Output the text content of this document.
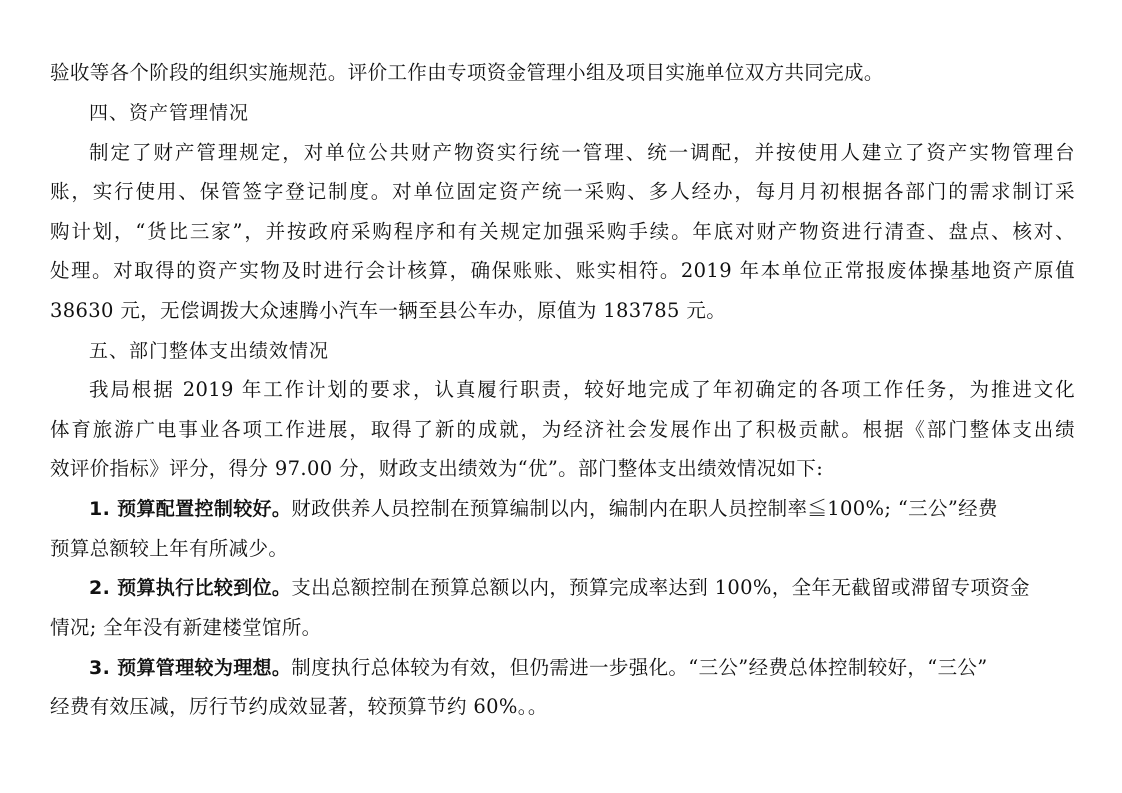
验收等各个阶段的组织实施规范。评价工作由专项资金管理小组及项目实施单位双方共同完成。
四、资产管理情况
制定了财产管理规定，对单位公共财产物资实行统一管理、统一调配，并按使用人建立了资产实物管理台
账，实行使用、保管签字登记制度。对单位固定资产统一采购、多人经办，每月月初根据各部门的需求制订采
购计划，“货比三家”，并按政府采购程序和有关规定加强采购手续。年底对财产物资进行清查、盘点、核对、
处理。对取得的资产实物及时进行会计核算，确保账账、账实相符。2019 年本单位正常报废体操基地资产原值
38630 元，无偿调拨大众速腾小汽车一辆至县公车办，原值为 183785 元。
五、部门整体支出绩效情况
我局根据 2019 年工作计划的要求，认真履行职责，较好地完成了年初确定的各项工作任务，为推进文化
体育旅游广电事业各项工作进展，取得了新的成就，为经济社会发展作出了积极贡献。根据《部门整体支出绩
效评价指标》评分，得分 97.00 分，财政支出绩效为“优”。部门整体支出绩效情况如下:
1. 预算配置控制较好。财政供养人员控制在预算编制以内，编制内在职人员控制率≦100%; “三公”经费
预算总额较上年有所减少。
2. 预算执行比较到位。支出总额控制在预算总额以内，预算完成率达到 100%，全年无截留或滞留专项资金
情况; 全年没有新建楼堂馆所。
3. 预算管理较为理想。制度执行总体较为有效，但仍需进一步强化。“三公”经费总体控制较好，“三公”
经费有效压减，厉行节约成效显著，较预算节约 60%。。
